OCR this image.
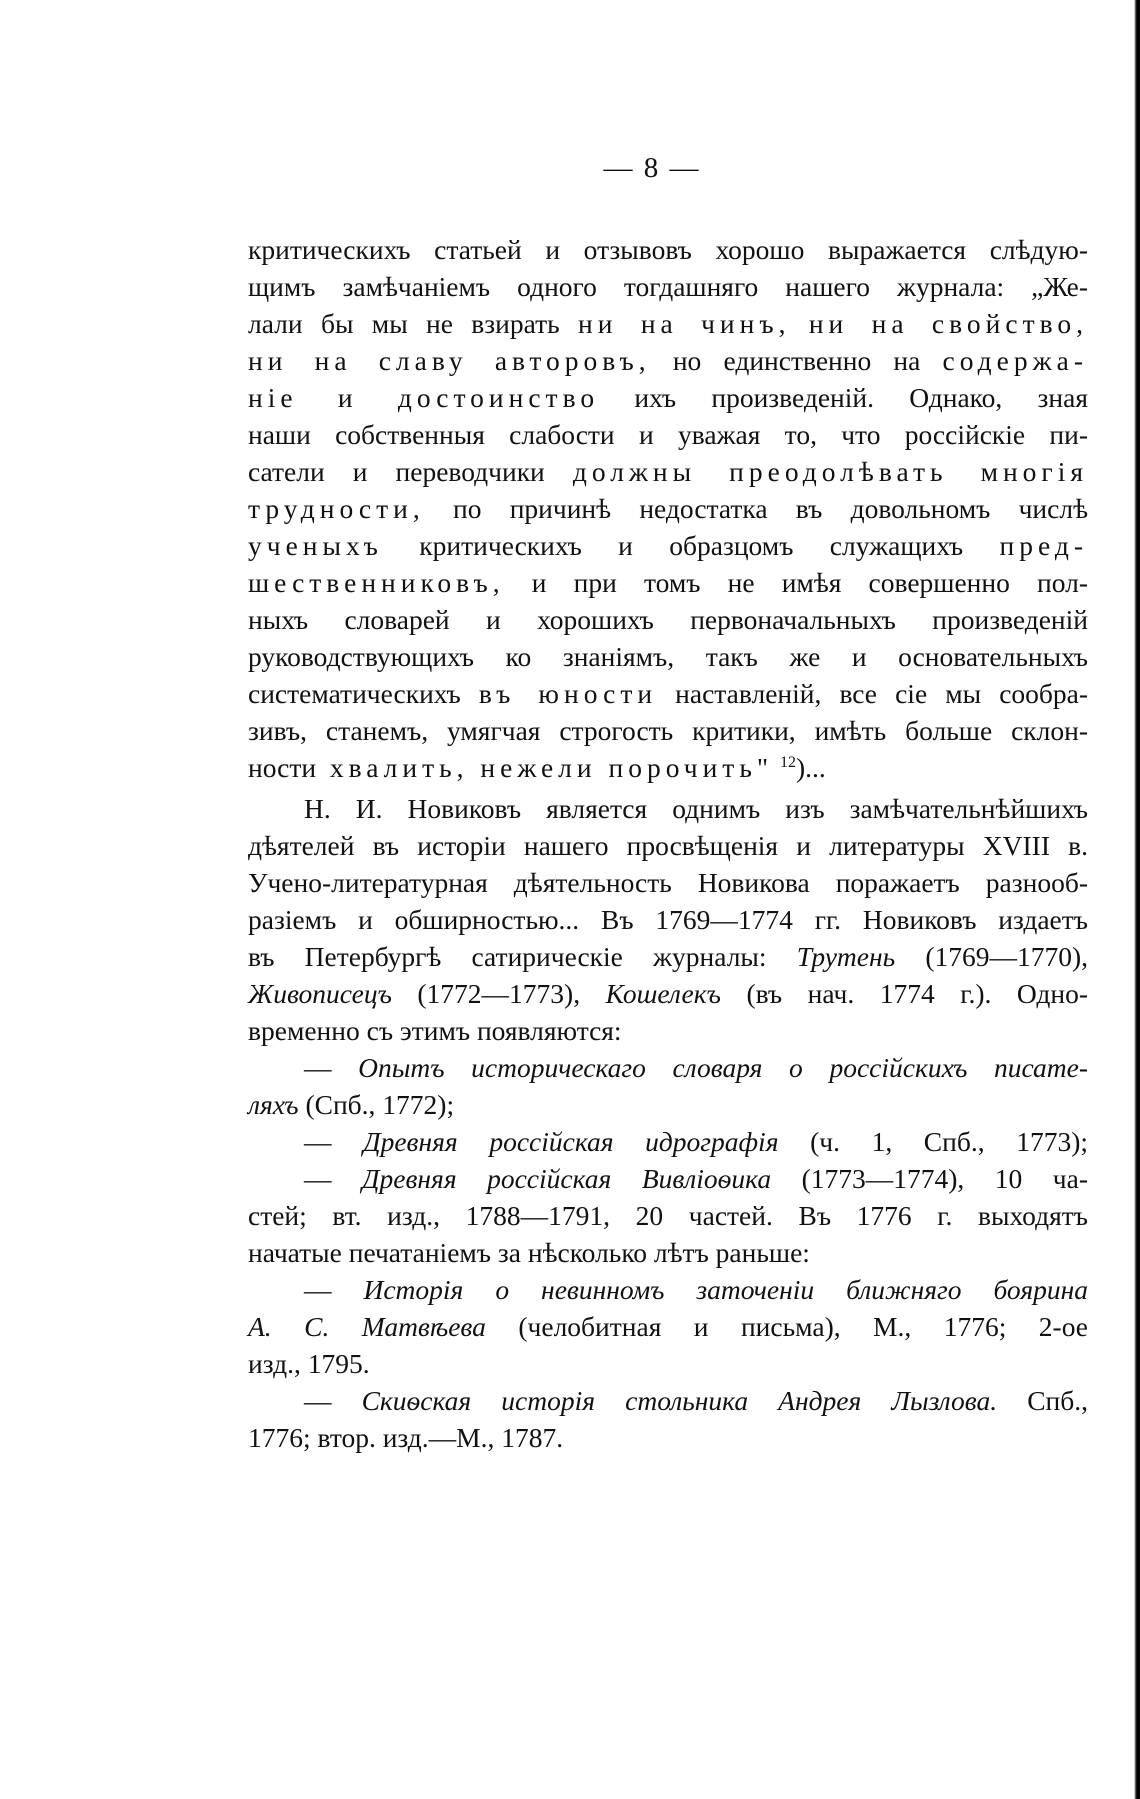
— 8 —
критическихъ статьей и отзывовъ хорошо выражается слѣдую-
щимъ замѣчаніемъ одного тогдашняго нашего журнала: „Же-
лали бы мы не взирать ни на чинъ, ни на свойство,
ни на славу авторовъ, но единственно на содержа-
ніе и достоинство ихъ произведеній. Однако, зная
наши собственныя слабости и уважая то, что россійскіе пи-
сатели и переводчики должны преодолѣвать многія
трудности, по причинѣ недостатка въ довольномъ числѣ
ученыхъ критическихъ и образцомъ служащихъ пред-
шественниковъ, и при томъ не имѣя совершенно пол-
ныхъ словарей и хорошихъ первоначальныхъ произведеній
руководствующихъ ко знаніямъ, такъ же и основательныхъ
систематическихъ въ юности наставленій, все сіе мы сообра-
зивъ, станемъ, умягчая строгость критики, имѣть больше склон-
ности хвалить, нежели порочить" $^{12}$)...
Н. И. Новиковъ является однимъ изъ замѣчательнѣйшихъ
дѣятелей въ исторіи нашего просвѣщенія и литературы XVIII в.
Учено-литературная дѣятельность Новикова поражаетъ разнооб-
разіемъ и обширностью... Въ 1769—1774 гг. Новиковъ издаетъ
въ Петербургѣ сатирическіе журналы: Трутень (1769—1770),
Живописецъ (1772—1773), Кошелекъ (въ нач. 1774 г.). Одно-
временно съ этимъ появляются:
— Опытъ историческаго словаря о россійскихъ писате-
ляхъ (Спб., 1772);
— Древняя россійская идрографія (ч. 1, Спб., 1773);
— Древняя россійская Вивліоѳика (1773—1774), 10 ча-
стей; вт. изд., 1788—1791, 20 частей. Въ 1776 г. выходятъ
начатые печатаніемъ за нѣсколько лѣтъ раньше:
— Исторія о невинномъ заточеніи ближняго боярина
А. С. Матвѣева (челобитная и письма), М., 1776; 2-ое
изд., 1795.
— Скиѳская исторія стольника Андрея Лызлова. Спб.,
1776; втор. изд.—М., 1787.
